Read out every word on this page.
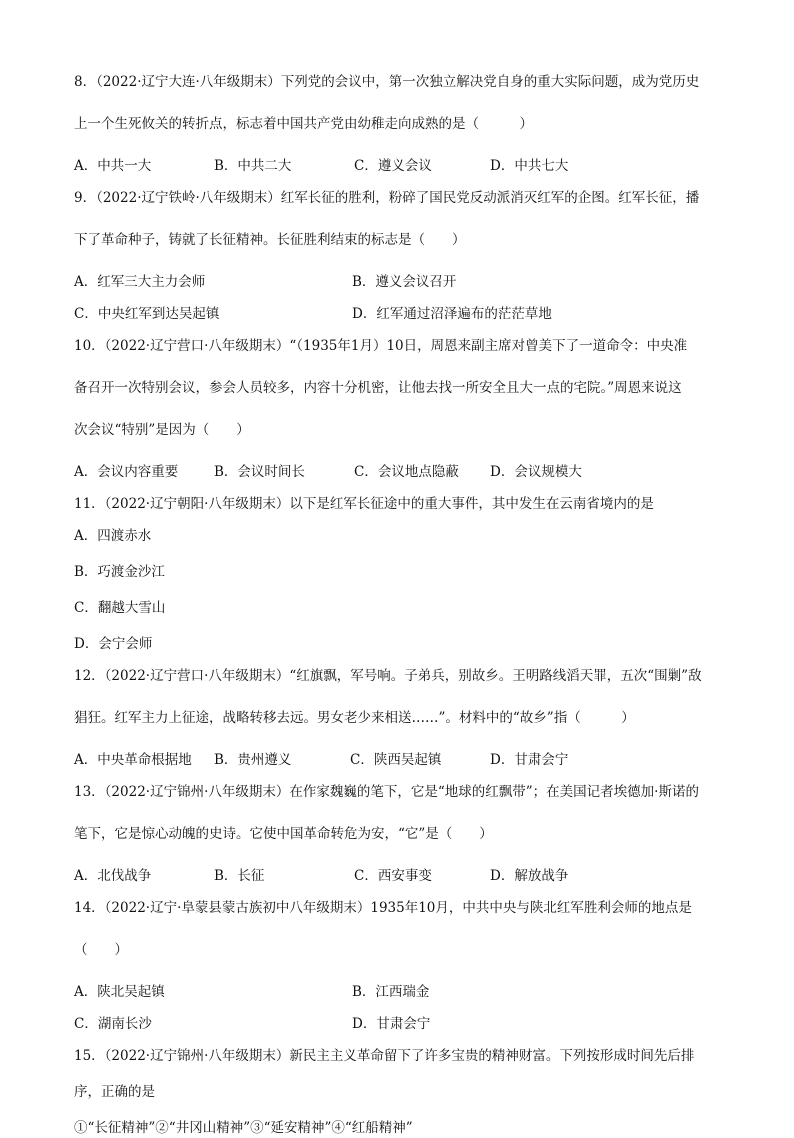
8．（2022·辽宁大连·八年级期末）下列党的会议中，第一次独立解决党自身的重大实际问题，成为党历史
上一个生死攸关的转折点，标志着中国共产党由幼稚走向成熟的是（　　　）
A．中共一大	B．中共二大	C．遵义会议	D．中共七大
9．（2022·辽宁铁岭·八年级期末）红军长征的胜利，粉碎了国民党反动派消灭红军的企图。红军长征，播
下了革命种子，铸就了长征精神。长征胜利结束的标志是（　　）
A．红军三大主力会师	B．遵义会议召开
C．中央红军到达吴起镇	D．红军通过沼泽遍布的茫茫草地
10．（2022·辽宁营口·八年级期末）“（1935年1月）10日，周恩来副主席对曾美下了一道命令：中央准
备召开一次特别会议，参会人员较多，内容十分机密，让他去找一所安全且大一点的宅院。”周恩来说这
次会议“特别”是因为（　　）
A．会议内容重要	B．会议时间长	C．会议地点隐蔽 D．会议规模大
11．（2022·辽宁朝阳·八年级期末）以下是红军长征途中的重大事件，其中发生在云南省境内的是
A．四渡赤水
B．巧渡金沙江
C．翻越大雪山
D．会宁会师
12．（2022·辽宁营口·八年级期末）“红旗飘，军号响。子弟兵，别故乡。王明路线滔天罪，五次“围剿”敌
猖狂。红军主力上征途，战略转移去远。男女老少来相送……”。材料中的“故乡”指（　　　）
A．中央革命根据地 B．贵州遵义	C．陕西吴起镇	D．甘肃会宁
13．（2022·辽宁锦州·八年级期末）在作家魏巍的笔下，它是“地球的红飘带”；在美国记者埃德加·斯诺的
笔下，它是惊心动魄的史诗。它使中国革命转危为安，“它”是（　　）
A．北伐战争	B．长征	C．西安事变	D．解放战争
14．（2022·辽宁·阜蒙县蒙古族初中八年级期末）1935年10月，中共中央与陕北红军胜利会师的地点是
（　　）
A．陕北吴起镇	B．江西瑞金
C．湖南长沙	D．甘肃会宁
15．（2022·辽宁锦州·八年级期末）新民主主义革命留下了许多宝贵的精神财富。下列按形成时间先后排
序，正确的是
①“长征精神”②“井冈山精神”③“延安精神”④“红船精神”
